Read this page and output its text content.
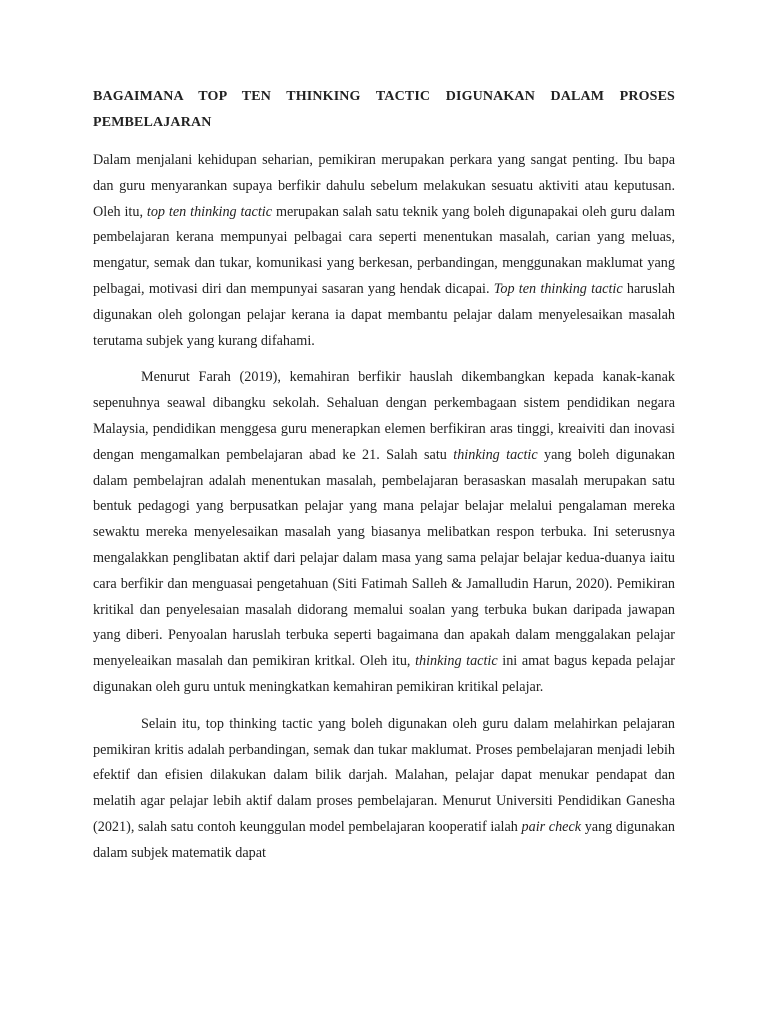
BAGAIMANA TOP TEN THINKING TACTIC DIGUNAKAN DALAM PROSES PEMBELAJARAN

Dalam menjalani kehidupan seharian, pemikiran merupakan perkara yang sangat penting. Ibu bapa dan guru menyarankan supaya berfikir dahulu sebelum melakukan sesuatu aktiviti atau keputusan. Oleh itu, top ten thinking tactic merupakan salah satu teknik yang boleh digunapakai oleh guru dalam pembelajaran kerana mempunyai pelbagai cara seperti menentukan masalah, carian yang meluas, mengatur, semak dan tukar, komunikasi yang berkesan, perbandingan, menggunakan maklumat yang pelbagai, motivasi diri dan mempunyai sasaran yang hendak dicapai. Top ten thinking tactic haruslah digunakan oleh golongan pelajar kerana ia dapat membantu pelajar dalam menyelesaikan masalah terutama subjek yang kurang difahami.

Menurut Farah (2019), kemahiran berfikir hauslah dikembangkan kepada kanak-kanak sepenuhnya seawal dibangku sekolah. Sehaluan dengan perkembagaan sistem pendidikan negara Malaysia, pendidikan menggesa guru menerapkan elemen berfikiran aras tinggi, kreaiviti dan inovasi dengan mengamalkan pembelajaran abad ke 21. Salah satu thinking tactic yang boleh digunakan dalam pembelajran adalah menentukan masalah, pembelajaran berasaskan masalah merupakan satu bentuk pedagogi yang berpusatkan pelajar yang mana pelajar belajar melalui pengalaman mereka sewaktu mereka menyelesaikan masalah yang biasanya melibatkan respon terbuka. Ini seterusnya mengalakkan penglibatan aktif dari pelajar dalam masa yang sama pelajar belajar kedua-duanya iaitu cara berfikir dan menguasai pengetahuan (Siti Fatimah Salleh & Jamalludin Harun, 2020). Pemikiran kritikal dan penyelesaian masalah didorang memalui soalan yang terbuka bukan daripada jawapan yang diberi. Penyoalan haruslah terbuka seperti bagaimana dan apakah dalam menggalakan pelajar menyeleaikan masalah dan pemikiran kritkal. Oleh itu, thinking tactic ini amat bagus kepada pelajar digunakan oleh guru untuk meningkatkan kemahiran pemikiran kritikal pelajar.

Selain itu, top thinking tactic yang boleh digunakan oleh guru dalam melahirkan pelajaran pemikiran kritis adalah perbandingan, semak dan tukar maklumat. Proses pembelajaran menjadi lebih efektif dan efisien dilakukan dalam bilik darjah. Malahan, pelajar dapat menukar pendapat dan melatih agar pelajar lebih aktif dalam proses pembelajaran. Menurut Universiti Pendidikan Ganesha (2021), salah satu contoh keunggulan model pembelajaran kooperatif ialah pair check yang digunakan dalam subjek matematik dapat
